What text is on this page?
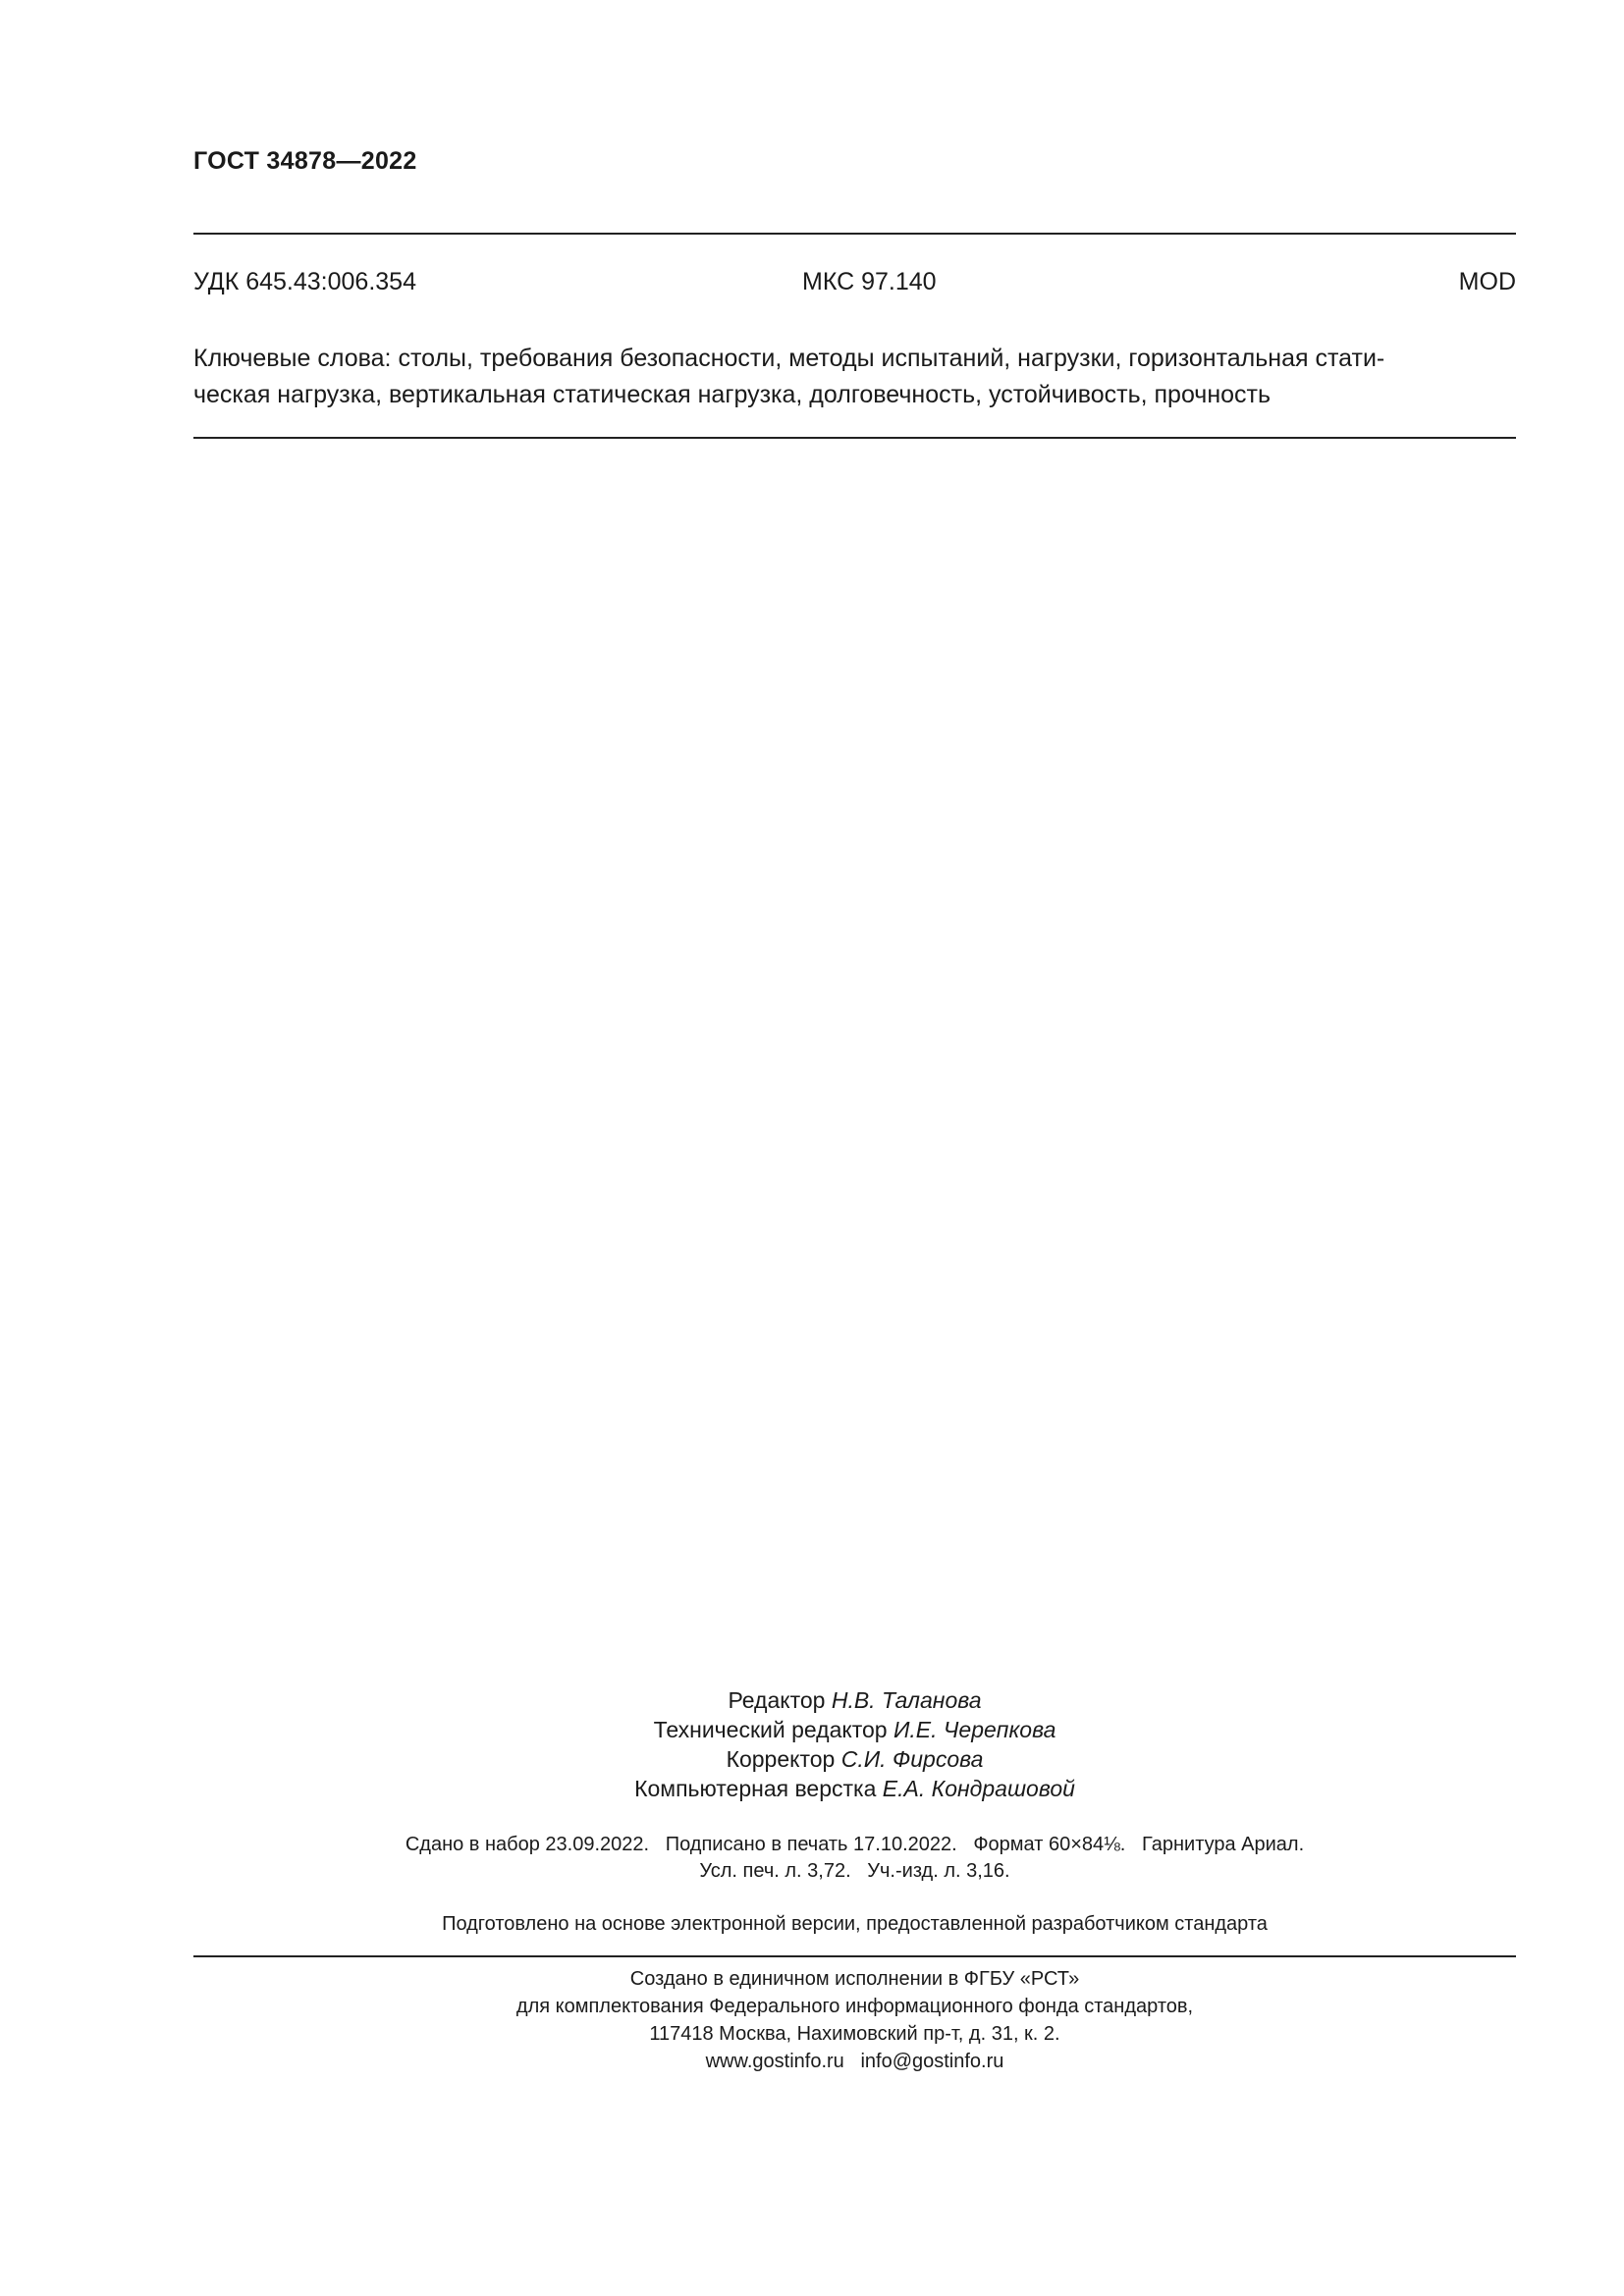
ГОСТ 34878—2022
УДК 645.43:006.354	МКС 97.140	MOD
Ключевые слова: столы, требования безопасности, методы испытаний, нагрузки, горизонтальная стати-
ческая нагрузка, вертикальная статическая нагрузка, долговечность, устойчивость, прочность
Редактор Н.В. Таланова
Технический редактор И.Е. Черепкова
Корректор С.И. Фирсова
Компьютерная верстка Е.А. Кондрашовой
Сдано в набор 23.09.2022.   Подписано в печать 17.10.2022.   Формат 60×84⅛.   Гарнитура Ариал.
Усл. печ. л. 3,72.   Уч.-изд. л. 3,16.
Подготовлено на основе электронной версии, предоставленной разработчиком стандарта
Создано в единичном исполнении в ФГБУ «РСТ»
для комплектования Федерального информационного фонда стандартов,
117418 Москва, Нахимовский пр-т, д. 31, к. 2.
www.gostinfo.ru   info@gostinfo.ru
